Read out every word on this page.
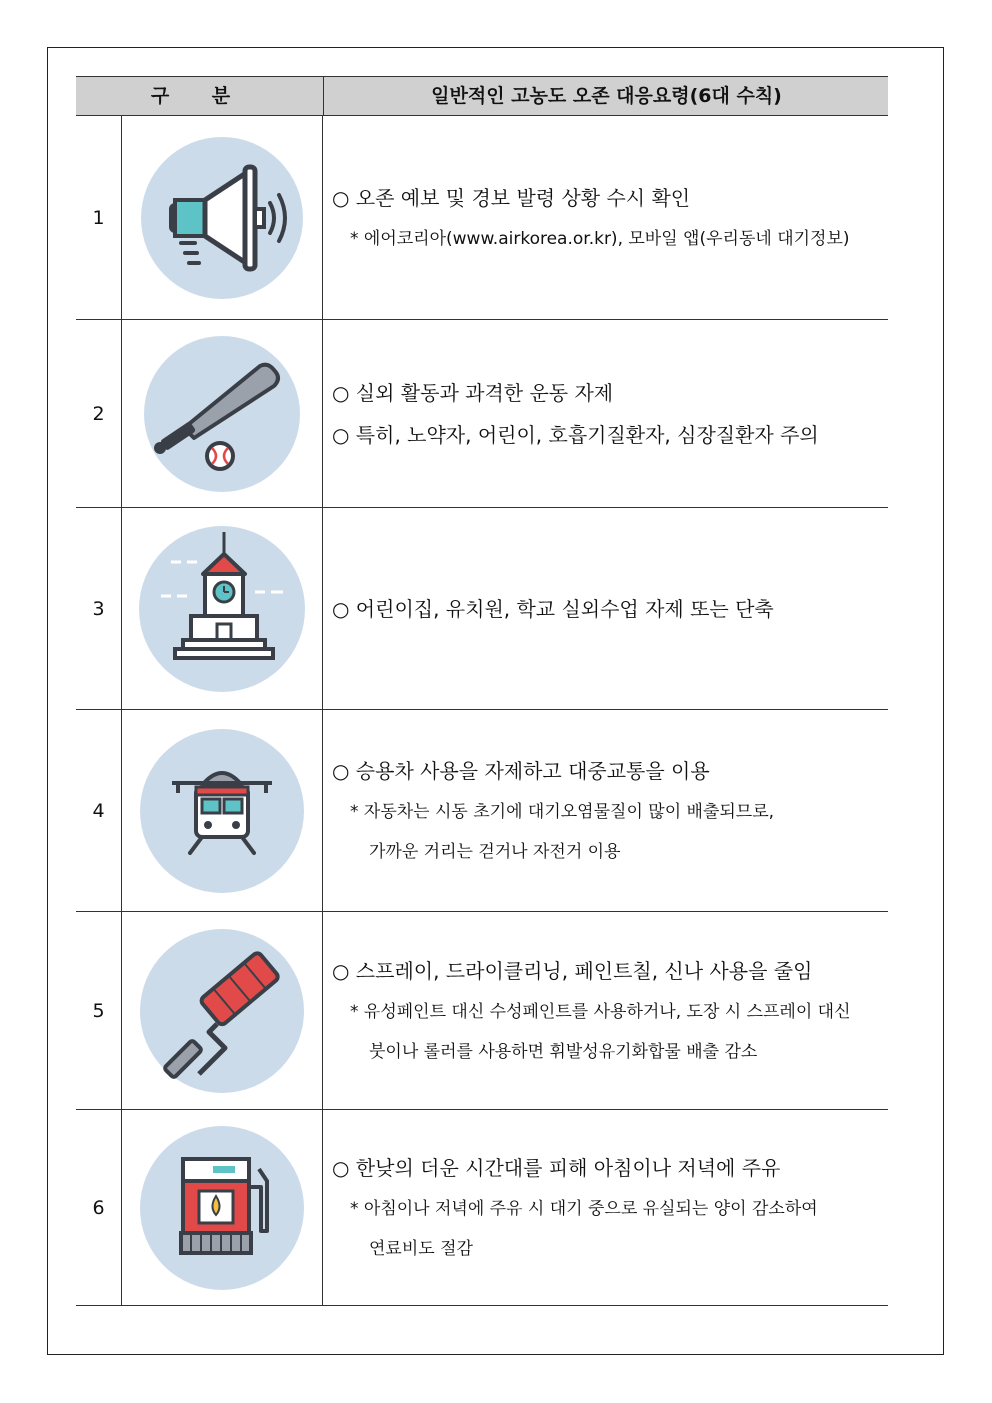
구 분	일반적인 고농도 오존 대응요령(6대 수칙)
1
○ 오존 예보 및 경보 발령 상황 수시 확인
* 에어코리아(www.airkorea.or.kr), 모바일 앱(우리동네 대기정보)
2
○ 실외 활동과 과격한 운동 자제
○ 특히, 노약자, 어린이, 호흡기질환자, 심장질환자 주의
3	○ 어린이집, 유치원, 학교 실외수업 자제 또는 단축
4
○ 승용차 사용을 자제하고 대중교통을 이용
* 자동차는 시동 초기에 대기오염물질이 많이 배출되므로,
가까운 거리는 걷거나 자전거 이용
5
○ 스프레이, 드라이클리닝, 페인트칠, 신나 사용을 줄임
* 유성페인트 대신 수성페인트를 사용하거나, 도장 시 스프레이 대신
붓이나 롤러를 사용하면 휘발성유기화합물 배출 감소
6
○ 한낮의 더운 시간대를 피해 아침이나 저녁에 주유
* 아침이나 저녁에 주유 시 대기 중으로 유실되는 양이 감소하여
연료비도 절감
